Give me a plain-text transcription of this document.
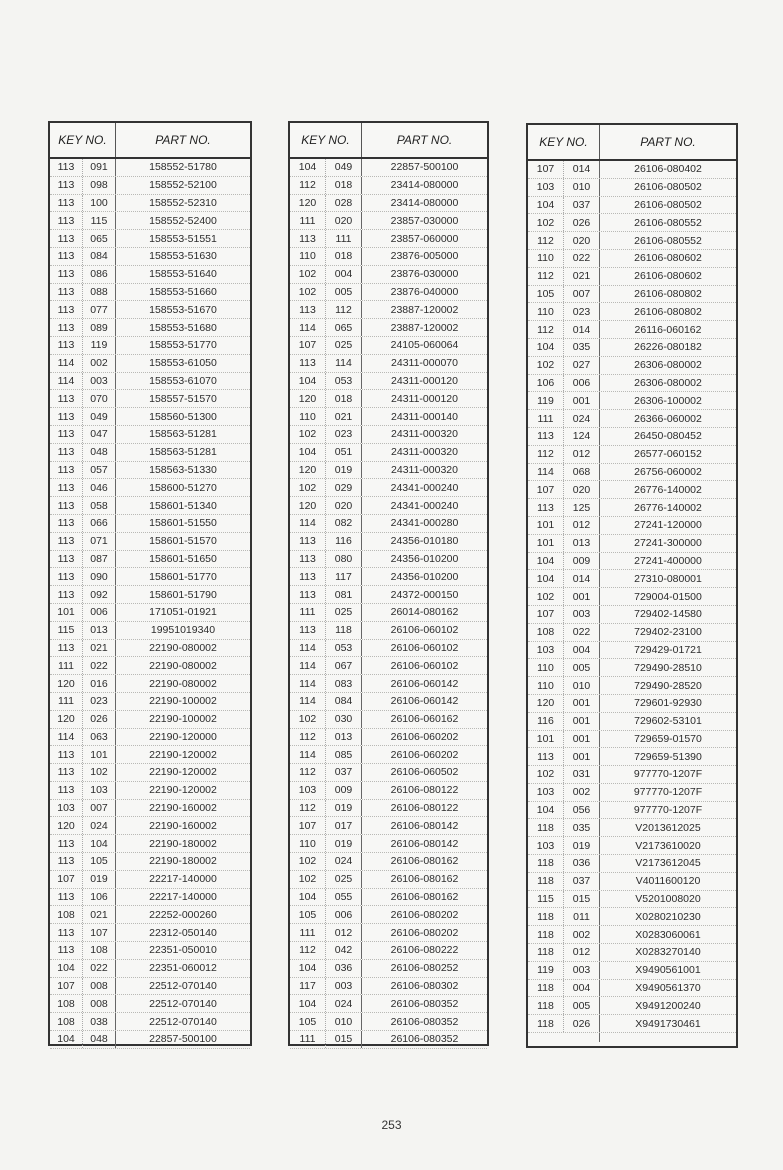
KEY NO.	PART NO.
113	091	158552-51780
113	098	158552-52100
113	100	158552-52310
113	115	158552-52400
113	065	158553-51551
113	084	158553-51630
113	086	158553-51640
113	088	158553-51660
113	077	158553-51670
113	089	158553-51680
113	119	158553-51770
114	002	158553-61050
114	003	158553-61070
113	070	158557-51570
113	049	158560-51300
113	047	158563-51281
113	048	158563-51281
113	057	158563-51330
113	046	158600-51270
113	058	158601-51340
113	066	158601-51550
113	071	158601-51570
113	087	158601-51650
113	090	158601-51770
113	092	158601-51790
101	006	171051-01921
115	013	19951019340
113	021	22190-080002
111	022	22190-080002
120	016	22190-080002
111	023	22190-100002
120	026	22190-100002
114	063	22190-120000
113	101	22190-120002
113	102	22190-120002
113	103	22190-120002
103	007	22190-160002
120	024	22190-160002
113	104	22190-180002
113	105	22190-180002
107	019	22217-140000
113	106	22217-140000
108	021	22252-000260
113	107	22312-050140
113	108	22351-050010
104	022	22351-060012
107	008	22512-070140
108	008	22512-070140
108	038	22512-070140
104	048	22857-500100
KEY NO.	PART NO.
104	049	22857-500100
112	018	23414-080000
120	028	23414-080000
111	020	23857-030000
113	111	23857-060000
110	018	23876-005000
102	004	23876-030000
102	005	23876-040000
113	112	23887-120002
114	065	23887-120002
107	025	24105-060064
113	114	24311-000070
104	053	24311-000120
120	018	24311-000120
110	021	24311-000140
102	023	24311-000320
104	051	24311-000320
120	019	24311-000320
102	029	24341-000240
120	020	24341-000240
114	082	24341-000280
113	116	24356-010180
113	080	24356-010200
113	117	24356-010200
113	081	24372-000150
111	025	26014-080162
113	118	26106-060102
114	053	26106-060102
114	067	26106-060102
114	083	26106-060142
114	084	26106-060142
102	030	26106-060162
112	013	26106-060202
114	085	26106-060202
112	037	26106-060502
103	009	26106-080122
112	019	26106-080122
107	017	26106-080142
110	019	26106-080142
102	024	26106-080162
102	025	26106-080162
104	055	26106-080162
105	006	26106-080202
111	012	26106-080202
112	042	26106-080222
104	036	26106-080252
117	003	26106-080302
104	024	26106-080352
105	010	26106-080352
111	015	26106-080352
KEY NO.	PART NO.
107	014	26106-080402
103	010	26106-080502
104	037	26106-080502
102	026	26106-080552
112	020	26106-080552
110	022	26106-080602
112	021	26106-080602
105	007	26106-080802
110	023	26106-080802
112	014	26116-060162
104	035	26226-080182
102	027	26306-080002
106	006	26306-080002
119	001	26306-100002
111	024	26366-060002
113	124	26450-080452
112	012	26577-060152
114	068	26756-060002
107	020	26776-140002
113	125	26776-140002
101	012	27241-120000
101	013	27241-300000
104	009	27241-400000
104	014	27310-080001
102	001	729004-01500
107	003	729402-14580
108	022	729402-23100
103	004	729429-01721
110	005	729490-28510
110	010	729490-28520
120	001	729601-92930
116	001	729602-53101
101	001	729659-01570
113	001	729659-51390
102	031	977770-1207F
103	002	977770-1207F
104	056	977770-1207F
118	035	V2013612025
103	019	V2173610020
118	036	V2173612045
118	037	V4011600120
115	015	V5201008020
118	011	X0280210230
118	002	X0283060061
118	012	X0283270140
119	003	X9490561001
118	004	X9490561370
118	005	X9491200240
118	026	X9491730461
253
